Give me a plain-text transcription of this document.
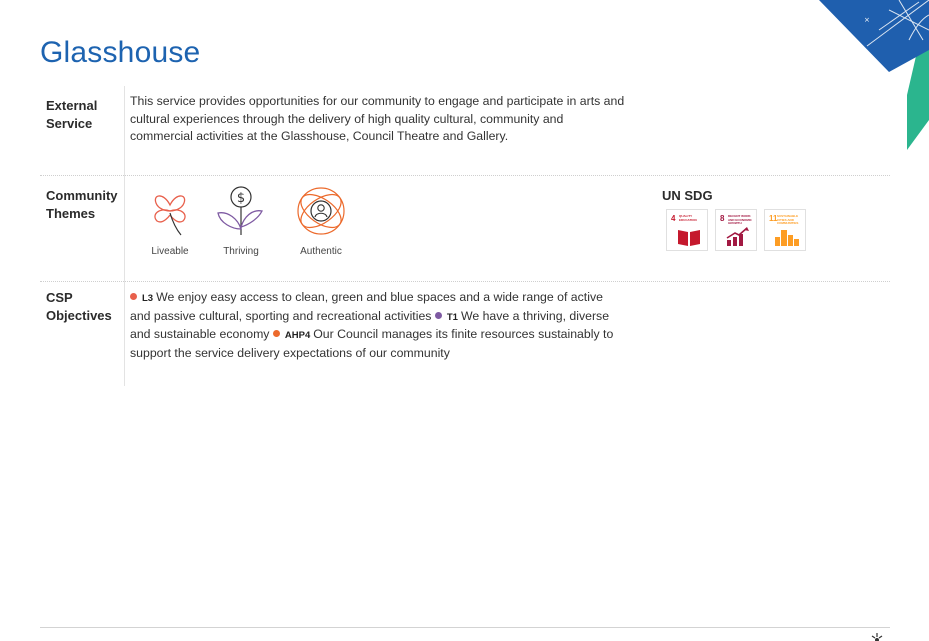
×
Glasshouse
External Service
This service provides opportunities for our community to engage and participate in arts and cultural experiences through the delivery of high quality cultural, community and commercial activities at the Glasshouse, Council Theatre and Gallery.
Community Themes
Liveable
$
Thriving	Authentic
UN SDG
4 QUALITY EDUCATION	8 DECENT WORK AND ECONOMIC GROWTH	11 SUSTAINABLE CITIES AND COMMUNITIES
CSP Objectives
L3 We enjoy easy access to clean, green and blue spaces and a wide range of active and passive cultural, sporting and recreational activities T1 We have a thriving, diverse and sustainable economy AHP4 Our Council manages its finite resources sustainably to support the service delivery expectations of our community
